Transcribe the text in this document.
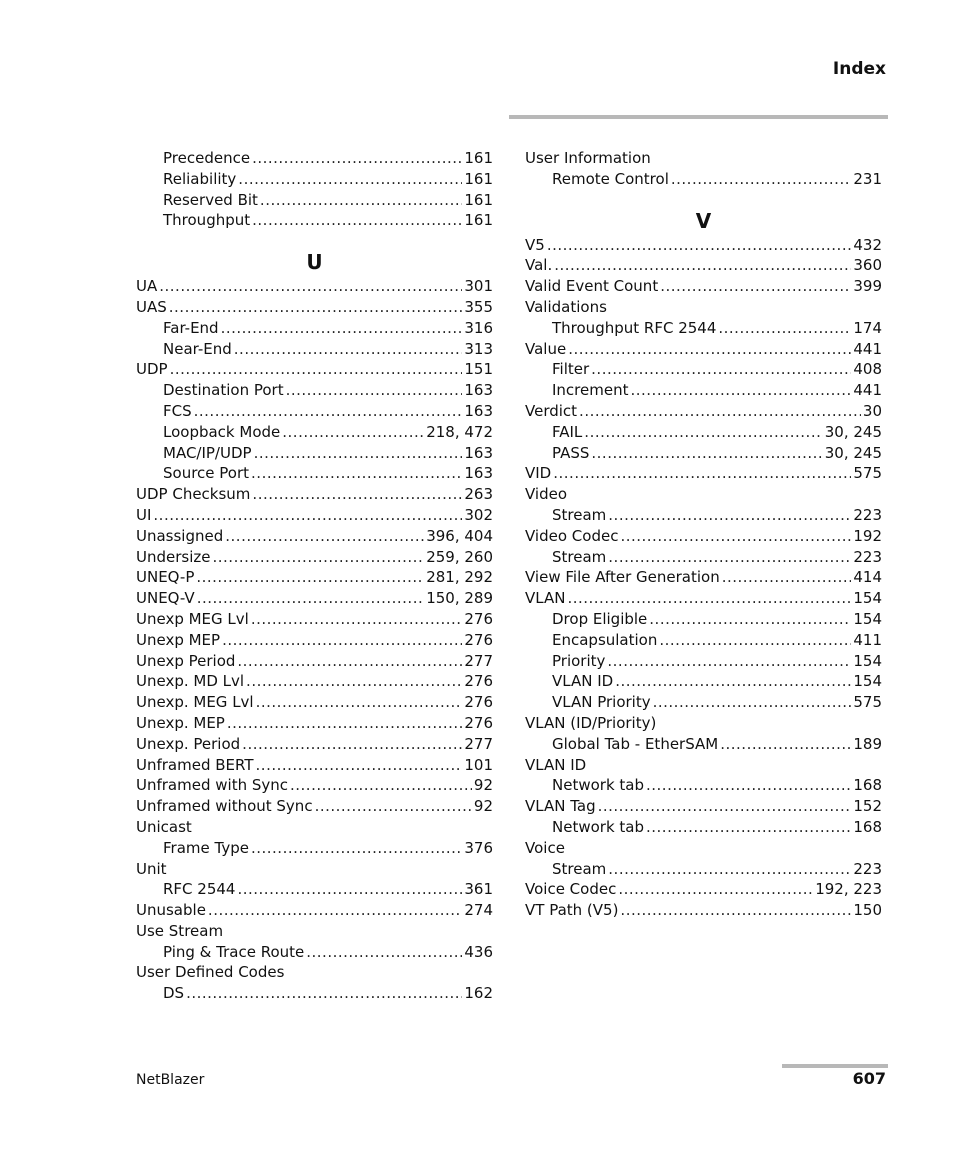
Index
Precedence .....	161
Reliability .....	161
Reserved Bit .....	161
Throughput .....	161
U
UA .....	301
UAS .....	355
Far-End .....	316
Near-End .....	313
UDP .....	151
Destination Port .....	163
FCS .....	163
Loopback Mode .....	218, 472
MAC/IP/UDP .....	163
Source Port .....	163
UDP Checksum .....	263
UI .....	302
Unassigned .....	396, 404
Undersize .....	259, 260
UNEQ-P .....	281, 292
UNEQ-V .....	150, 289
Unexp MEG Lvl .....	276
Unexp MEP .....	276
Unexp Period .....	277
Unexp. MD Lvl .....	276
Unexp. MEG Lvl .....	276
Unexp. MEP .....	276
Unexp. Period .....	277
Unframed BERT .....	101
Unframed with Sync .....	92
Unframed without Sync .....	92
Unicast
Frame Type .....	376
Unit
RFC 2544 .....	361
Unusable .....	274
Use Stream
Ping & Trace Route .....	436
User Defined Codes
DS .....	162
User Information
Remote Control .....	231
V
V5 .....	432
Val. .....	360
Valid Event Count .....	399
Validations
Throughput RFC 2544 .....	174
Value .....	441
Filter .....	408
Increment .....	441
Verdict .....	30
FAIL .....	30, 245
PASS .....	30, 245
VID .....	575
Video
Stream .....	223
Video Codec .....	192
Stream .....	223
View File After Generation .....	414
VLAN .....	154
Drop Eligible .....	154
Encapsulation .....	411
Priority .....	154
VLAN ID .....	154
VLAN Priority .....	575
VLAN (ID/Priority)
Global Tab - EtherSAM .....	189
VLAN ID
Network tab .....	168
VLAN Tag .....	152
Network tab .....	168
Voice
Stream .....	223
Voice Codec .....	192, 223
VT Path (V5) .....	150
NetBlazer	607
